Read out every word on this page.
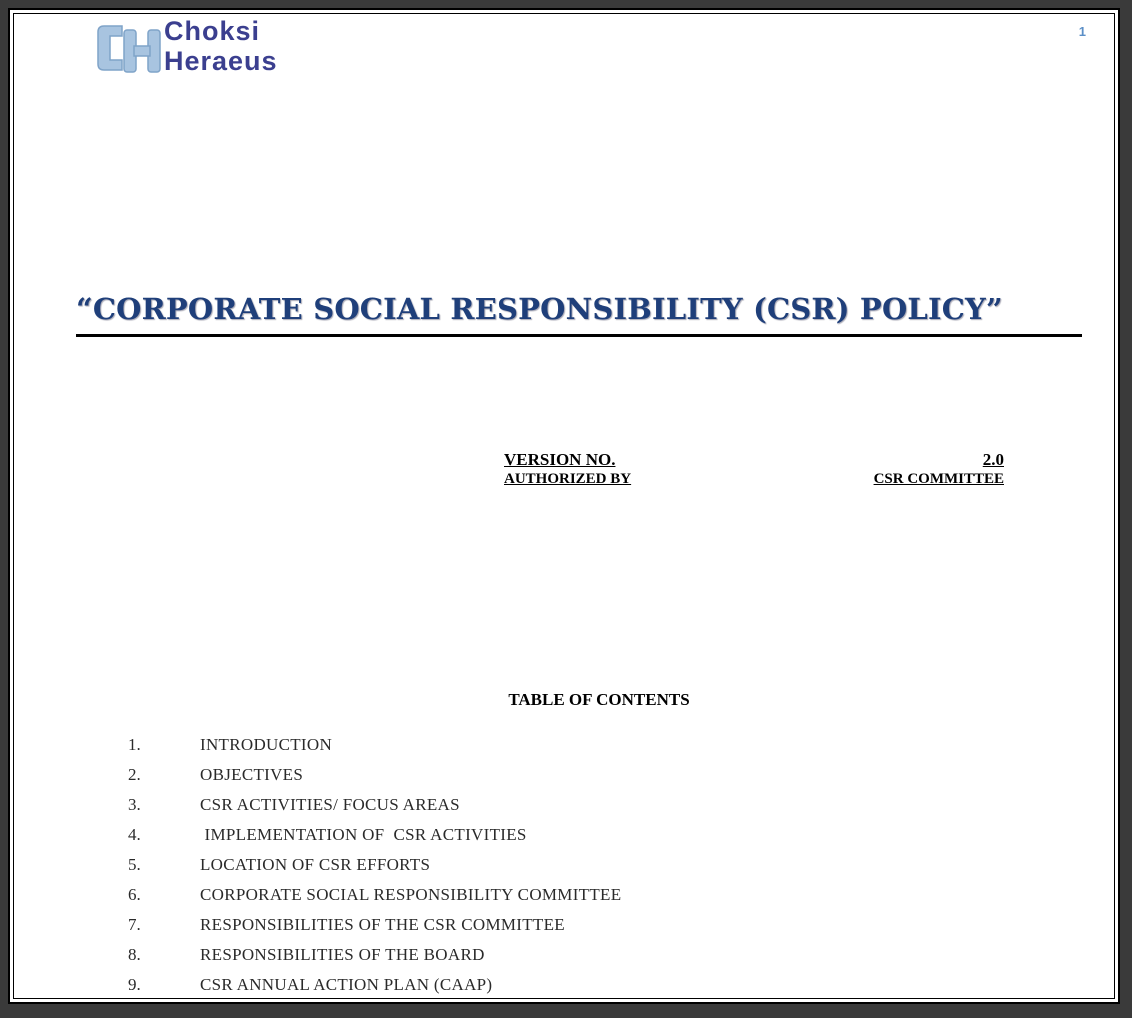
Choksi
Heraeus
1
“CORPORATE SOCIAL RESPONSIBILITY (CSR) POLICY”
VERSION NO.	2.0
AUTHORIZED BY	CSR COMMITTEE
TABLE OF CONTENTS
1.	INTRODUCTION
2.	OBJECTIVES
3.	CSR ACTIVITIES/ FOCUS AREAS
4.	IMPLEMENTATION OF  CSR ACTIVITIES
5.	LOCATION OF CSR EFFORTS
6.	CORPORATE SOCIAL RESPONSIBILITY COMMITTEE
7.	RESPONSIBILITIES OF THE CSR COMMITTEE
8.	RESPONSIBILITIES OF THE BOARD
9.	CSR ANNUAL ACTION PLAN (CAAP)
